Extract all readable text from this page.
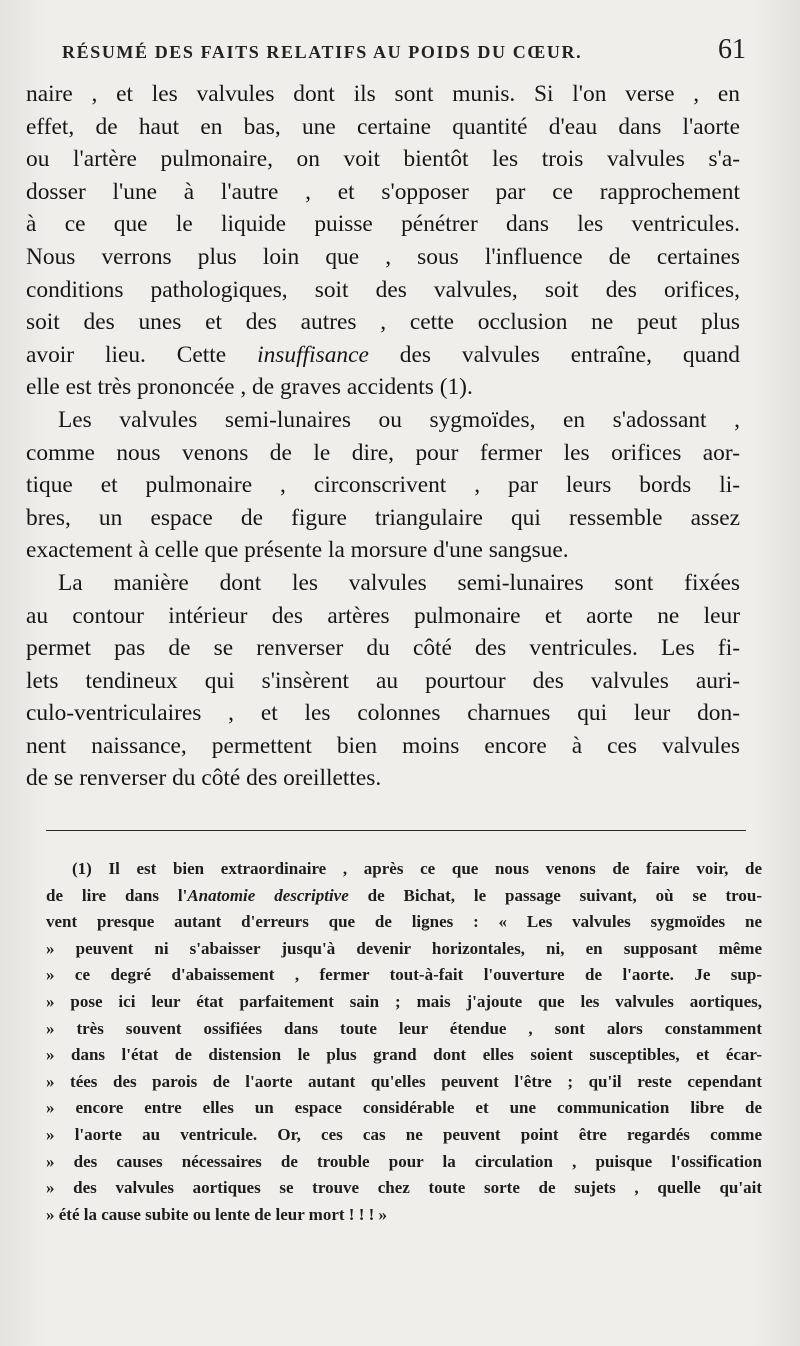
RÉSUMÉ DES FAITS RELATIFS AU POIDS DU CŒUR.	61
naire , et les valvules dont ils sont munis. Si l'on verse , en
effet, de haut en bas, une certaine quantité d'eau dans l'aorte
ou l'artère pulmonaire, on voit bientôt les trois valvules s'a-
dosser l'une à l'autre , et s'opposer par ce rapprochement
à ce que le liquide puisse pénétrer dans les ventricules.
Nous verrons plus loin que , sous l'influence de certaines
conditions pathologiques, soit des valvules, soit des orifices,
soit des unes et des autres , cette occlusion ne peut plus
avoir lieu. Cette insuffisance des valvules entraîne, quand
elle est très prononcée , de graves accidents (1).
Les valvules semi-lunaires ou sygmoïdes, en s'adossant ,
comme nous venons de le dire, pour fermer les orifices aor-
tique et pulmonaire , circonscrivent , par leurs bords li-
bres, un espace de figure triangulaire qui ressemble assez
exactement à celle que présente la morsure d'une sangsue.
La manière dont les valvules semi-lunaires sont fixées
au contour intérieur des artères pulmonaire et aorte ne leur
permet pas de se renverser du côté des ventricules. Les fi-
lets tendineux qui s'insèrent au pourtour des valvules auri-
culo-ventriculaires , et les colonnes charnues qui leur don-
nent naissance, permettent bien moins encore à ces valvules
de se renverser du côté des oreillettes.
(1) Il est bien extraordinaire , après ce que nous venons de faire voir, de
de lire dans l'Anatomie descriptive de Bichat, le passage suivant, où se trou-
vent presque autant d'erreurs que de lignes : « Les valvules sygmoïdes ne
» peuvent ni s'abaisser jusqu'à devenir horizontales, ni, en supposant même
» ce degré d'abaissement , fermer tout-à-fait l'ouverture de l'aorte. Je sup-
» pose ici leur état parfaitement sain ; mais j'ajoute que les valvules aortiques,
» très souvent ossifiées dans toute leur étendue , sont alors constamment
» dans l'état de distension le plus grand dont elles soient susceptibles, et écar-
» tées des parois de l'aorte autant qu'elles peuvent l'être ; qu'il reste cependant
» encore entre elles un espace considérable et une communication libre de
» l'aorte au ventricule. Or, ces cas ne peuvent point être regardés comme
» des causes nécessaires de trouble pour la circulation , puisque l'ossification
» des valvules aortiques se trouve chez toute sorte de sujets , quelle qu'ait
» été la cause subite ou lente de leur mort ! ! ! »
